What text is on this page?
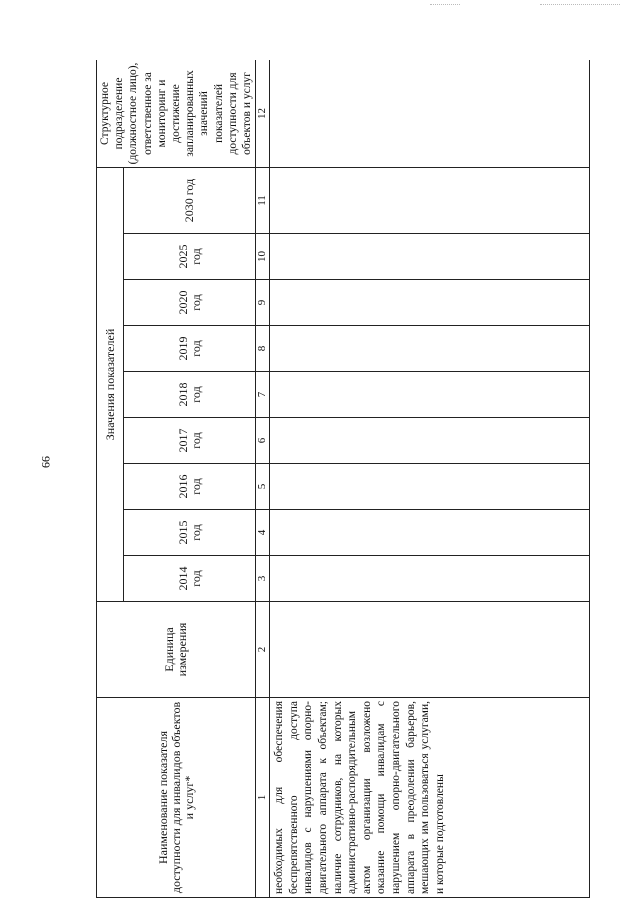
99
Наименование показателя доступности для инвалидов объектов и услуг*	Единица измерения	Значения показателей									Структурное подразделение (должностное лицо), ответственное за мониторинг и достижение запланированных значений показателей доступности для объектов и услуг
		2014 год	2015 год	2016 год	2017 год	2018 год	2019 год	2020 год	2025 год	2030 год	
1	2	3	4	5	6	7	8	9	10	11	12
необходимых для обеспечения беспрепятственного доступа инвалидов с нарушениями опорно-двигательного аппарата к объектам; наличие сотрудников, на которых административно-распорядительным актом организации возложено оказание помощи инвалидам с нарушением опорно-двигательного аппарата в преодолении барьеров, мешающих им пользоваться услугами, и которые подготовлены											
